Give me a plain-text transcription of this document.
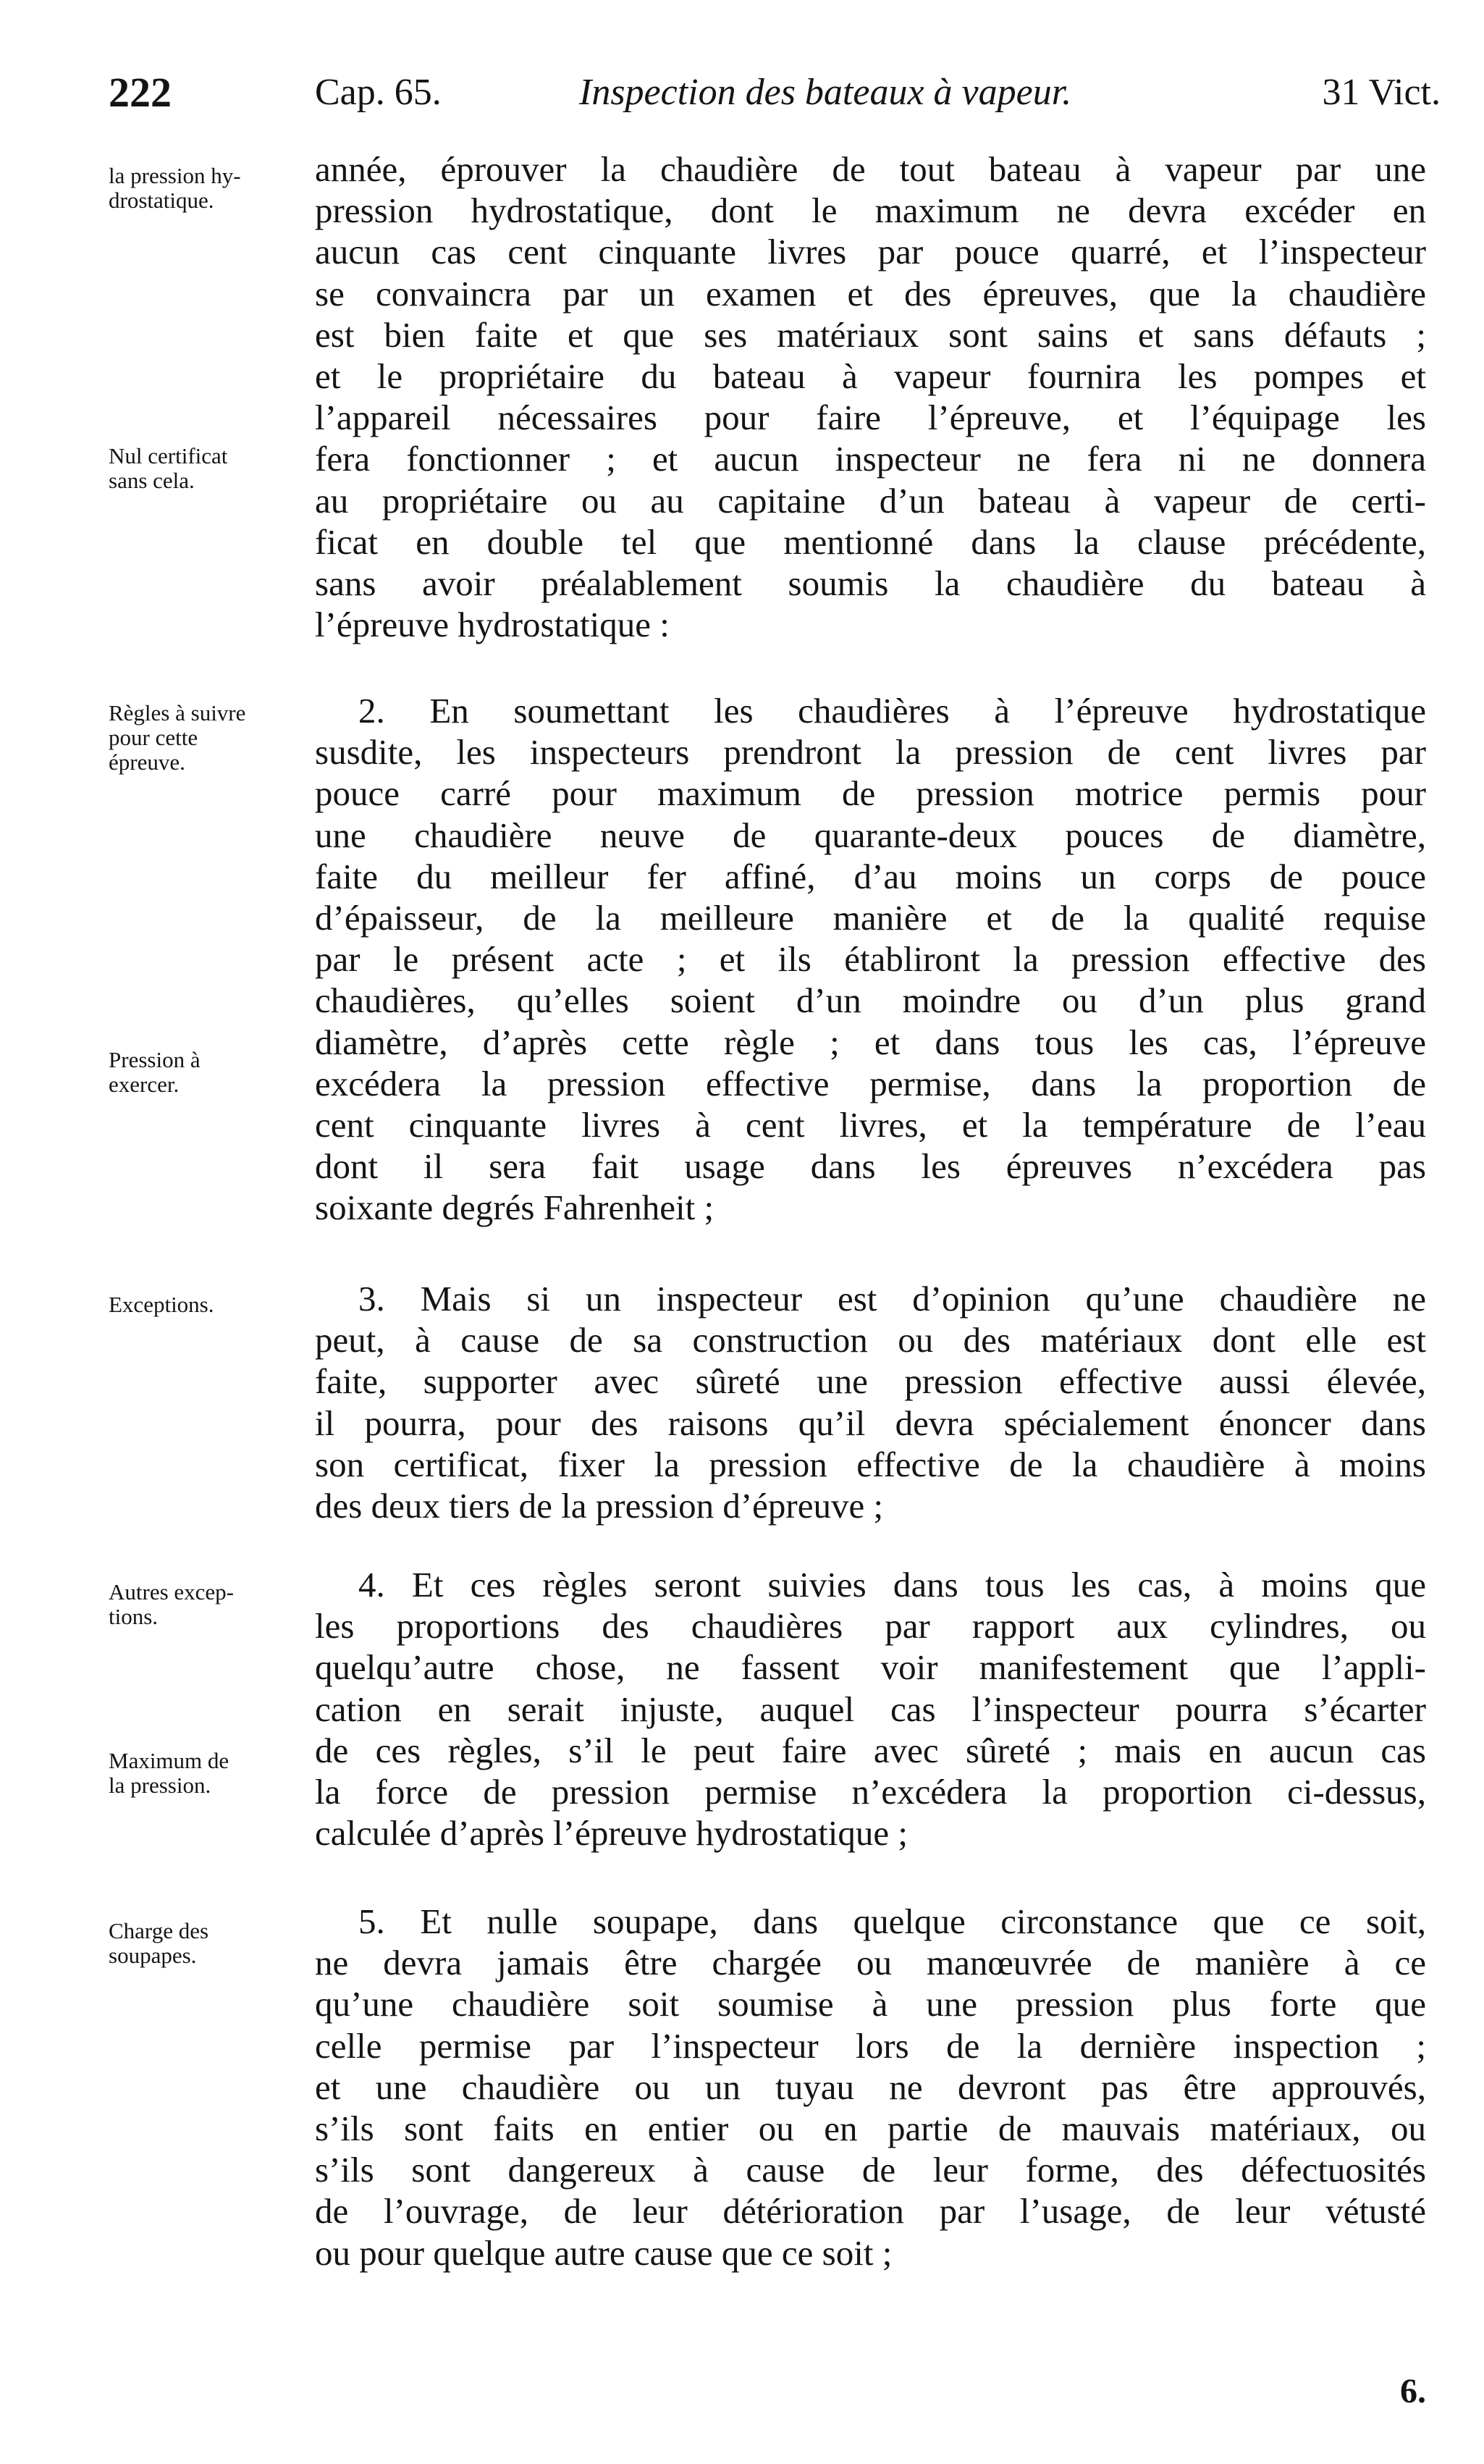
222	Cap. 65.	Inspection des bateaux à vapeur.	31 Vict.
la pression hy-
drostatique.
Nul certificat
sans cela.
Règles à suivre
pour cette
épreuve.
Pression à
exercer.
Exceptions.
Autres excep-
tions.
Maximum de
la pression.
Charge des
soupapes.
année, éprouver la chaudière de tout bateau à vapeur par une
pression hydrostatique, dont le maximum ne devra excéder en
aucun cas cent cinquante livres par pouce quarré, et l’inspecteur
se convaincra par un examen et des épreuves, que la chaudière
est bien faite et que ses matériaux sont sains et sans défauts ;
et le propriétaire du bateau à vapeur fournira les pompes et
l’appareil nécessaires pour faire l’épreuve, et l’équipage les
fera fonctionner ; et aucun inspecteur ne fera ni ne donnera
au propriétaire ou au capitaine d’un bateau à vapeur de certi-
ficat en double tel que mentionné dans la clause précédente,
sans avoir préalablement soumis la chaudière du bateau à
l’épreuve hydrostatique :
2. En soumettant les chaudières à l’épreuve hydrostatique
susdite, les inspecteurs prendront la pression de cent livres par
pouce carré pour maximum de pression motrice permis pour
une chaudière neuve de quarante-deux pouces de diamètre,
faite du meilleur fer affiné, d’au moins un corps de pouce
d’épaisseur, de la meilleure manière et de la qualité requise
par le présent acte ; et ils établiront la pression effective des
chaudières, qu’elles soient d’un moindre ou d’un plus grand
diamètre, d’après cette règle ; et dans tous les cas, l’épreuve
excédera la pression effective permise, dans la proportion de
cent cinquante livres à cent livres, et la température de l’eau
dont il sera fait usage dans les épreuves n’excédera pas
soixante degrés Fahrenheit ;
3. Mais si un inspecteur est d’opinion qu’une chaudière ne
peut, à cause de sa construction ou des matériaux dont elle est
faite, supporter avec sûreté une pression effective aussi élevée,
il pourra, pour des raisons qu’il devra spécialement énoncer dans
son certificat, fixer la pression effective de la chaudière à moins
des deux tiers de la pression d’épreuve ;
4. Et ces règles seront suivies dans tous les cas, à moins que
les proportions des chaudières par rapport aux cylindres, ou
quelqu’autre chose, ne fassent voir manifestement que l’appli-
cation en serait injuste, auquel cas l’inspecteur pourra s’écarter
de ces règles, s’il le peut faire avec sûreté ; mais en aucun cas
la force de pression permise n’excédera la proportion ci-dessus,
calculée d’après l’épreuve hydrostatique ;
5. Et nulle soupape, dans quelque circonstance que ce soit,
ne devra jamais être chargée ou manœuvrée de manière à ce
qu’une chaudière soit soumise à une pression plus forte que
celle permise par l’inspecteur lors de la dernière inspection ;
et une chaudière ou un tuyau ne devront pas être approuvés,
s’ils sont faits en entier ou en partie de mauvais matériaux, ou
s’ils sont dangereux à cause de leur forme, des défectuosités
de l’ouvrage, de leur détérioration par l’usage, de leur vétusté
ou pour quelque autre cause que ce soit ;
6.
